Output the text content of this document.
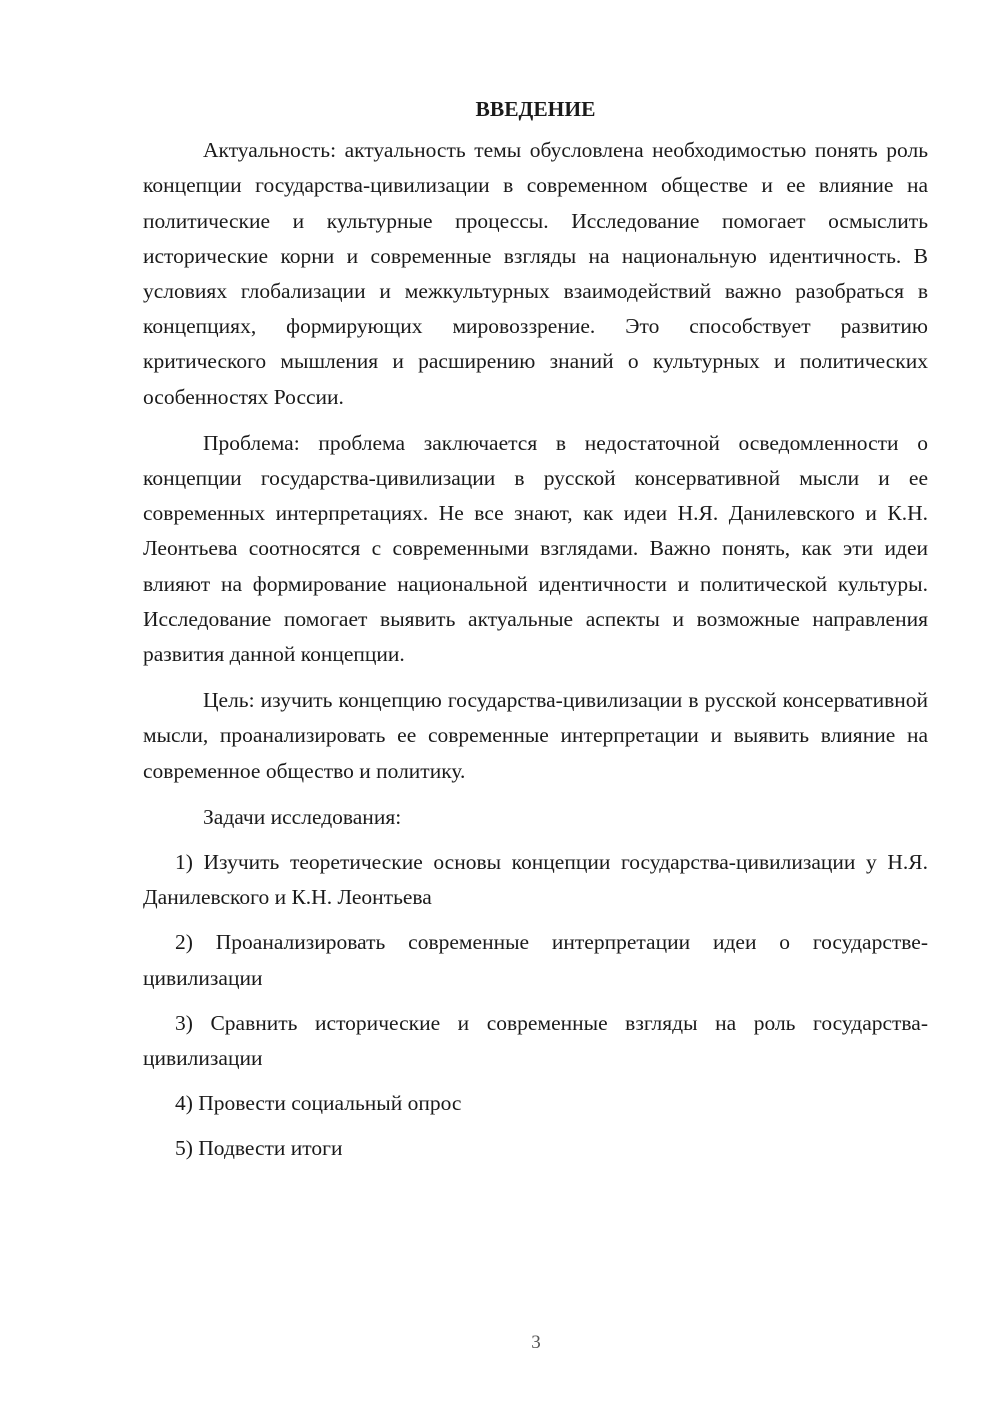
ВВЕДЕНИЕ

Актуальность: актуальность темы обусловлена необходимостью понять роль концепции государства-цивилизации в современном обществе и ее влияние на политические и культурные процессы. Исследование помогает осмыслить исторические корни и современные взгляды на национальную идентичность. В условиях глобализации и межкультурных взаимодействий важно разобраться в концепциях, формирующих мировоззрение. Это способствует развитию критического мышления и расширению знаний о культурных и политических особенностях России.

Проблема: проблема заключается в недостаточной осведомленности о концепции государства-цивилизации в русской консервативной мысли и ее современных интерпретациях. Не все знают, как идеи Н.Я. Данилевского и К.Н. Леонтьева соотносятся с современными взглядами. Важно понять, как эти идеи влияют на формирование национальной идентичности и политической культуры. Исследование помогает выявить актуальные аспекты и возможные направления развития данной концепции.

Цель: изучить концепцию государства-цивилизации в русской консервативной мысли, проанализировать ее современные интерпретации и выявить влияние на современное общество и политику.

Задачи исследования:

1) Изучить теоретические основы концепции государства-цивилизации у Н.Я. Данилевского и К.Н. Леонтьева

2) Проанализировать современные интерпретации идеи о государстве-цивилизации

3) Сравнить исторические и современные взгляды на роль государства-цивилизации

4) Провести социальный опрос

5) Подвести итоги

3
